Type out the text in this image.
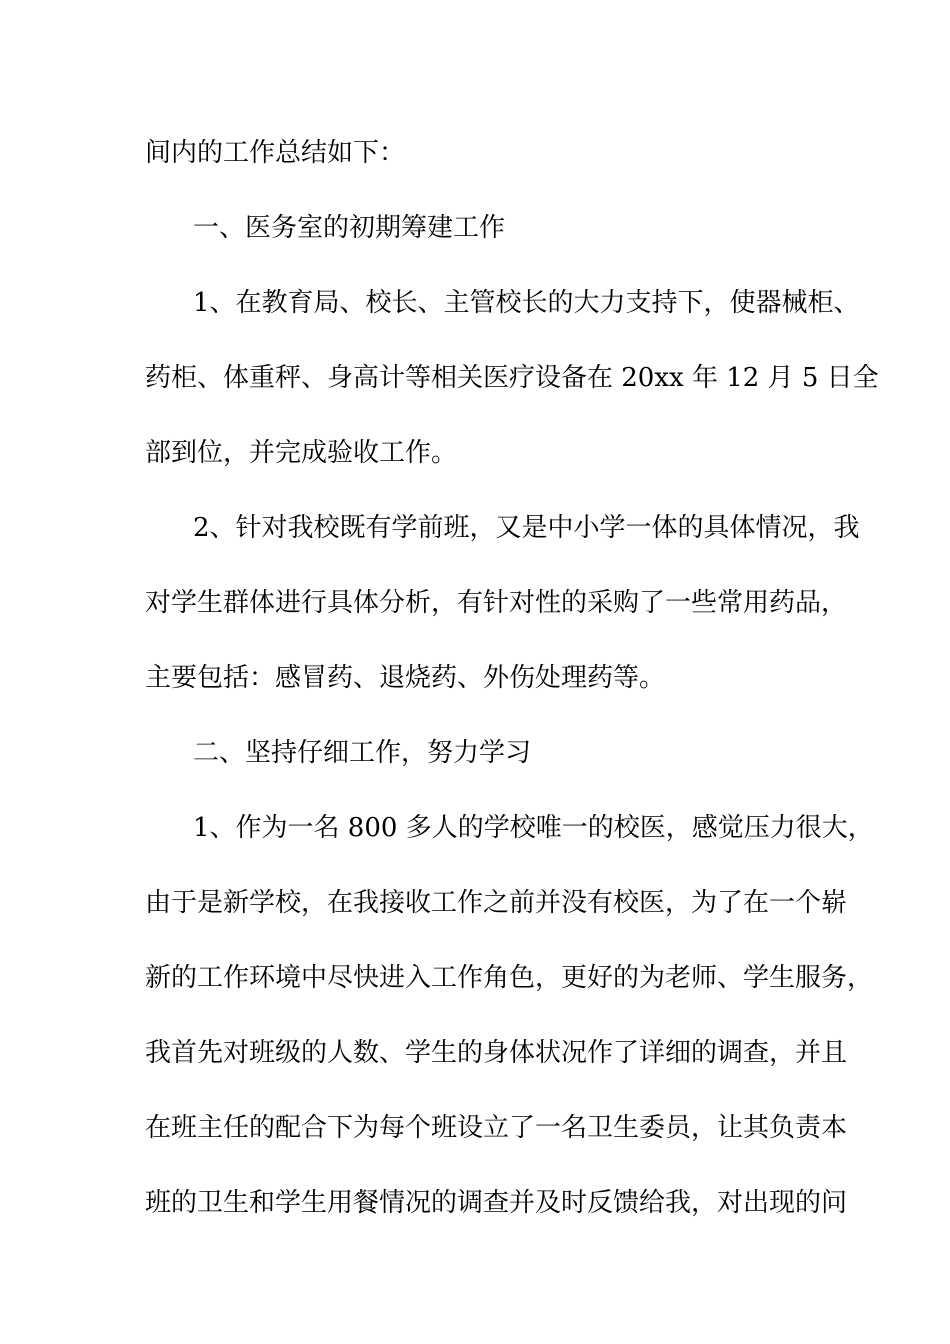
间内的工作总结如下：
一、医务室的初期筹建工作
1、在教育局、校长、主管校长的大力支持下，使器械柜、
药柜、体重秤、身高计等相关医疗设备在 20xx 年 12 月 5 日全
部到位，并完成验收工作。
2、针对我校既有学前班，又是中小学一体的具体情况，我
对学生群体进行具体分析，有针对性的采购了一些常用药品，
主要包括：感冒药、退烧药、外伤处理药等。
二、坚持仔细工作，努力学习
1、作为一名 800 多人的学校唯一的校医，感觉压力很大，
由于是新学校，在我接收工作之前并没有校医，为了在一个崭
新的工作环境中尽快进入工作角色，更好的为老师、学生服务，
我首先对班级的人数、学生的身体状况作了详细的调查，并且
在班主任的配合下为每个班设立了一名卫生委员，让其负责本
班的卫生和学生用餐情况的调查并及时反馈给我，对出现的问
